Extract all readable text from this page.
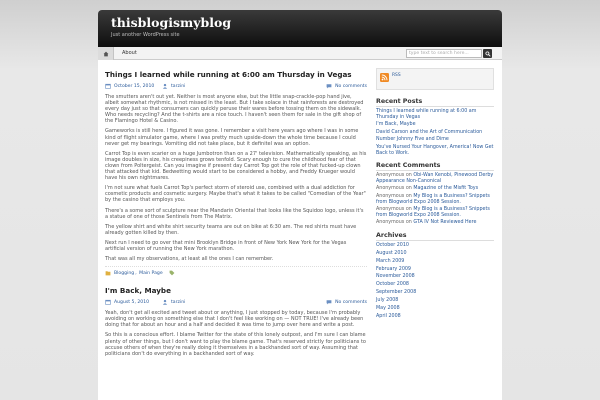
thisblogismyblog
Just another WordPress site
About	type text to search here...
Things I learned while running at 6:00 am Thursday in Vegas
October 15, 2010	tarzini	No comments

The smutters aren't out yet. Neither is most anyone else, but the little snap-crackle-pop hand jive, albeit somewhat rhythmic, is not missed in the least. But I take solace in that rainforests are destroyed every day just so that consumers can quickly peruse their wares before tossing them on the sidewalk. Who needs recycling? And the t-shirts are a nice touch. I haven't seen them for sale in the gift shop of the Flamingo Hotel & Casino.

Gameworks is still here. I figured it was gone. I remember a visit here years ago where I was in some kind of flight simulator game, where I was pretty much upside-down the whole time because I could never get my bearings. Vomiting did not take place, but it definitel was an option.

Carrot Top is even scarier on a huge Jumbotron than on a 27' television. Mathematically speaking, as his image doubles in size, his creepiness grows tenfold. Scary enough to cure the childhood fear of that clown from Poltergeist. Can you imagine if present day Carrot Top got the role of that fucked-up clown that attacked that kid. Bedwetting would start to be considered a hobby, and Freddy Krueger would have his own nightmares.

I'm not sure what fuels Carrot Top's perfect storm of steroid use, combined with a dual addiction for cosmetic products and cosmetic surgery. Maybe that's what it takes to be called "Comedian of the Year" by the casino that employs you.

There's a some sort of sculpture near the Mandarin Oriental that looks like the Squidoo logo, unless it's a statue of one of those Sentinels from The Matrix.

The yellow shirt and white shirt security teams are out on bike at 6:30 am. The red shirts must have already gotten killed by then.

Next run I need to go over that mini Brooklyn Bridge in front of New York New York for the Vegas artificial version of running the New York marathon.

That was all my observations, at least all the ones I can remember.

Blogging , Main Page
I'm Back, Maybe
August 5, 2010	tarzini	No comments

Yeah, don't get all excited and tweet about or anything, I just stopped by today, because I'm probably avoiding on working on something else that I don't feel like working on — NOT TRUE! I've already been doing that for about an hour and a half and decided it was time to jump over here and write a post.

So this is a conscious effort. I blame Twitter for the state of this lonely outpost, and I'm sure I can blame plenty of other things, but I don't want to play the blame game. That's reserved strictly for politicians to accuse others of when they're really doing it themselves in a backhanded sort of way. Assuming that politicians don't do everything in a backhanded sort of way.

RSS
Recent Posts
Things I learned while running at 6:00 am Thursday in Vegas
I'm Back, Maybe
David Carson and the Art of Communication
Number Johnny Five and Dime
You've Nursed Your Hangover, America! Now Get Back to Work.
Recent Comments
Anonymous on Obi-Wan Kenobi, Pinewood Derby Appearance Non-Canonical
Anonymous on Magazine of the Misfit Toys
Anonymous on My Blog is a Business? Snippets from Blogworld Expo 2008 Session.
Anonymous on My Blog is a Business? Snippets from Blogworld Expo 2008 Session.
Anonymous on GTA IV Not Reviewed Here
Archives
October 2010
August 2010
March 2009
February 2009
November 2008
October 2008
September 2008
July 2008
May 2008
April 2008
